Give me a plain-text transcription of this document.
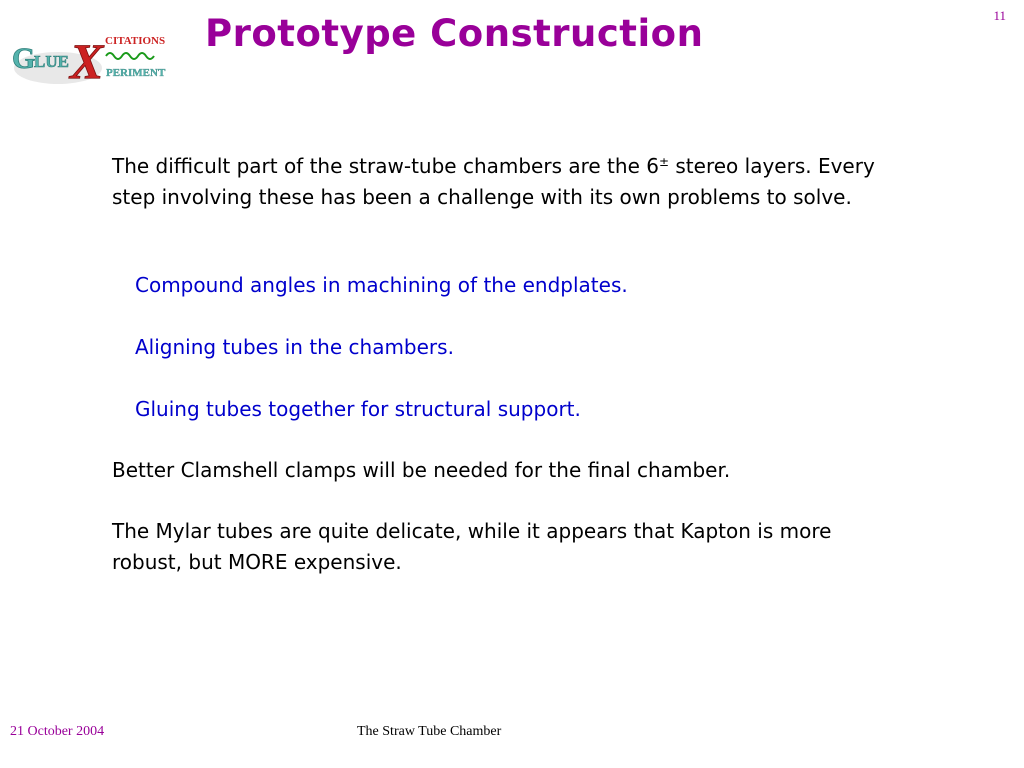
G
LUE X CITATIONS
PERIMENT
11
Prototype Construction
The difficult part of the straw-tube chambers are the 6± stereo layers. Every step involving these has been a challenge with its own problems to solve.
Compound angles in machining of the endplates.
Aligning tubes in the chambers.
Gluing tubes together for structural support.
Better Clamshell clamps will be needed for the final chamber.
The Mylar tubes are quite delicate, while it appears that Kapton is more robust, but MORE expensive.
21 October 2004	The Straw Tube Chamber
